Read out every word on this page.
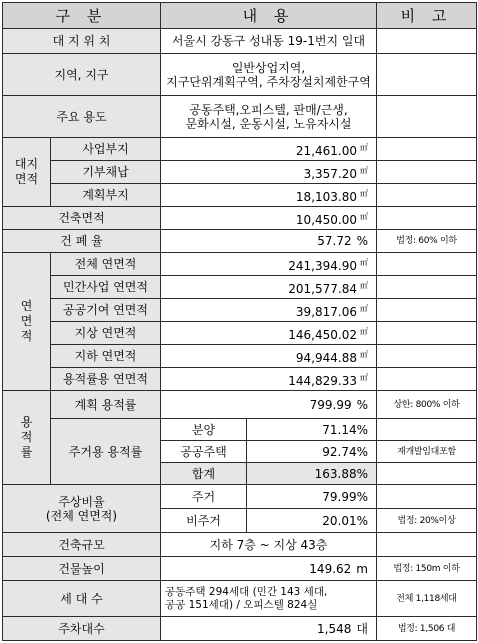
구 분		내 용		비 고
대 지 위 치		서울시 강동구 성내동 19-1번지 일대		
지역, 지구		일반상업지역,
지구단위계획구역, 주차장설치제한구역		

주요 용도		공동주택,오피스텔, 판매/근생,
문화시설, 운동시설, 노유자시설		

대지
면적	사업부지	21,461.00 ㎡	
	기부채납	3,357.20 ㎡	
	계획부지	18,103.80 ㎡	
건축면적		10,450.00 ㎡	
건 폐 율		57.72 %		법정: 60% 이하

연
면
적	전체 연면적	241,394.90 ㎡	
	민간사업 연면적	201,577.84 ㎡	
	공공기여 연면적	39,817.06 ㎡	
	지상 연면적	146,450.02 ㎡	
	지하 연면적	94,944.88 ㎡	
	용적률용 연면적	144,829.33 ㎡	

용
적
률	계획 용적률	799.99 %		상한: 800% 이하
	주거용 용적률	분양	71.14%	
		공공주택	92.74%	재개발임대포함
		합계	163.88%	

주상비율
(전체 연면적)		주거	79.99%	
		비주거	20.01%	법정: 20%이상
건축규모		지하 7층 ~ 지상 43층		
건물높이		149.62 m		법정: 150m 이하
세 대 수		공동주택 294세대 (민간 143 세대,
공공 151세대) / 오피스텔 824실		전체 1,118세대
주차대수		1,548 대		법정: 1,506 대
